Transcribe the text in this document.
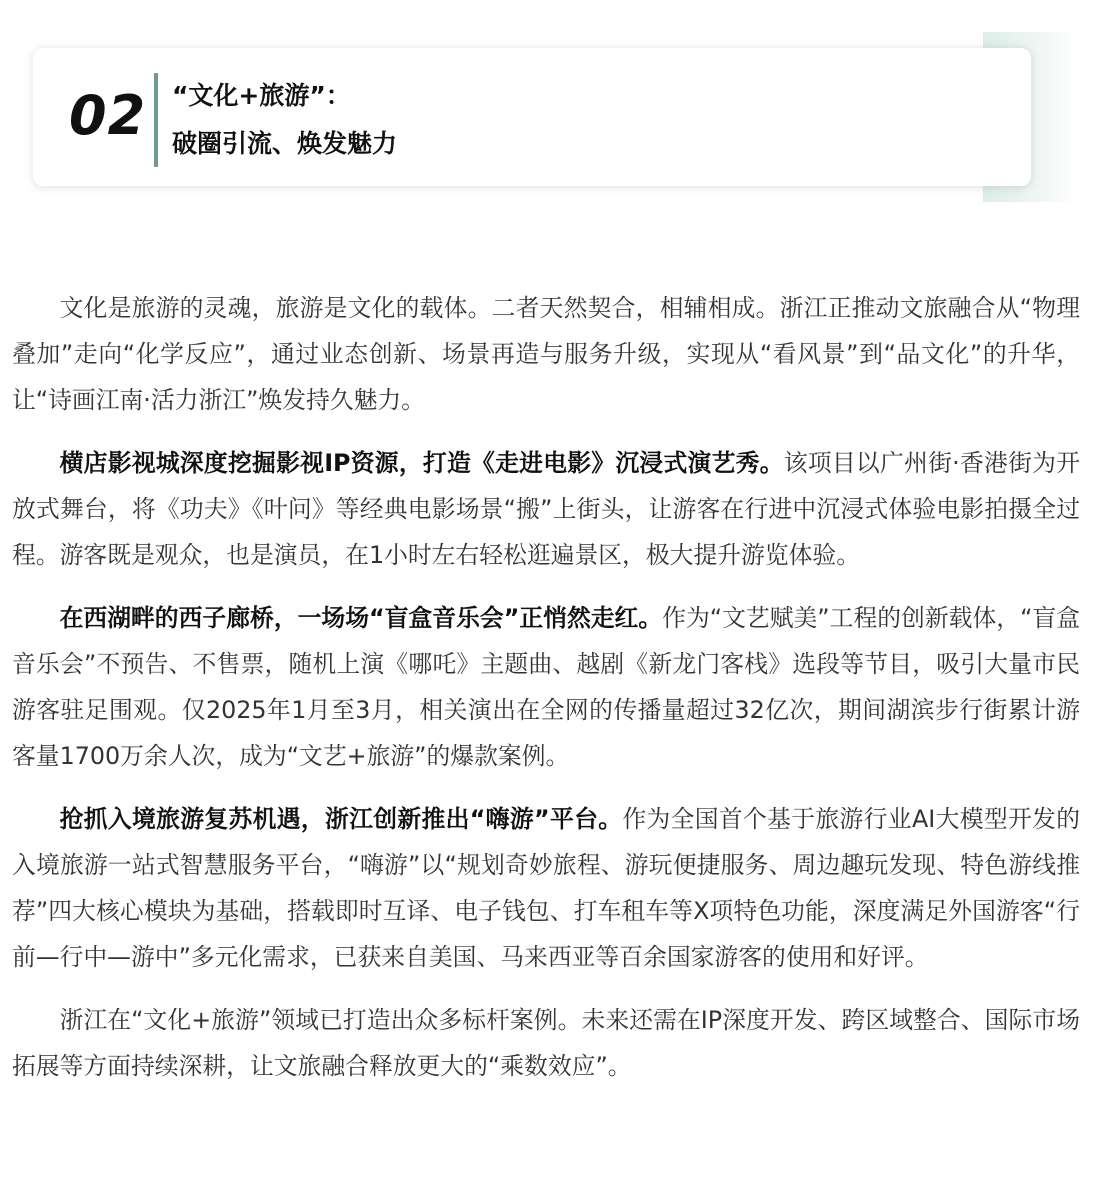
02 “文化+旅游”：
破圈引流、焕发魅力

文化是旅游的灵魂，旅游是文化的载体。二者天然契合，相辅相成。浙江正推动文旅融合从“物理叠加”走向“化学反应”，通过业态创新、场景再造与服务升级，实现从“看风景”到“品文化”的升华，让“诗画江南·活力浙江”焕发持久魅力。

横店影视城深度挖掘影视IP资源，打造《走进电影》沉浸式演艺秀。该项目以广州街·香港街为开放式舞台，将《功夫》《叶问》等经典电影场景“搬”上街头，让游客在行进中沉浸式体验电影拍摄全过程。游客既是观众，也是演员，在1小时左右轻松逛遍景区，极大提升游览体验。

在西湖畔的西子廊桥，一场场“盲盒音乐会”正悄然走红。作为“文艺赋美”工程的创新载体，“盲盒音乐会”不预告、不售票，随机上演《哪吒》主题曲、越剧《新龙门客栈》选段等节目，吸引大量市民游客驻足围观。仅2025年1月至3月，相关演出在全网的传播量超过32亿次，期间湖滨步行街累计游客量1700万余人次，成为“文艺+旅游”的爆款案例。

抢抓入境旅游复苏机遇，浙江创新推出“嗨游”平台。作为全国首个基于旅游行业AI大模型开发的入境旅游一站式智慧服务平台，“嗨游”以“规划奇妙旅程、游玩便捷服务、周边趣玩发现、特色游线推荐”四大核心模块为基础，搭载即时互译、电子钱包、打车租车等X项特色功能，深度满足外国游客“行前—行中—游中”多元化需求，已获来自美国、马来西亚等百余国家游客的使用和好评。

浙江在“文化+旅游”领域已打造出众多标杆案例。未来还需在IP深度开发、跨区域整合、国际市场拓展等方面持续深耕，让文旅融合释放更大的“乘数效应”。
